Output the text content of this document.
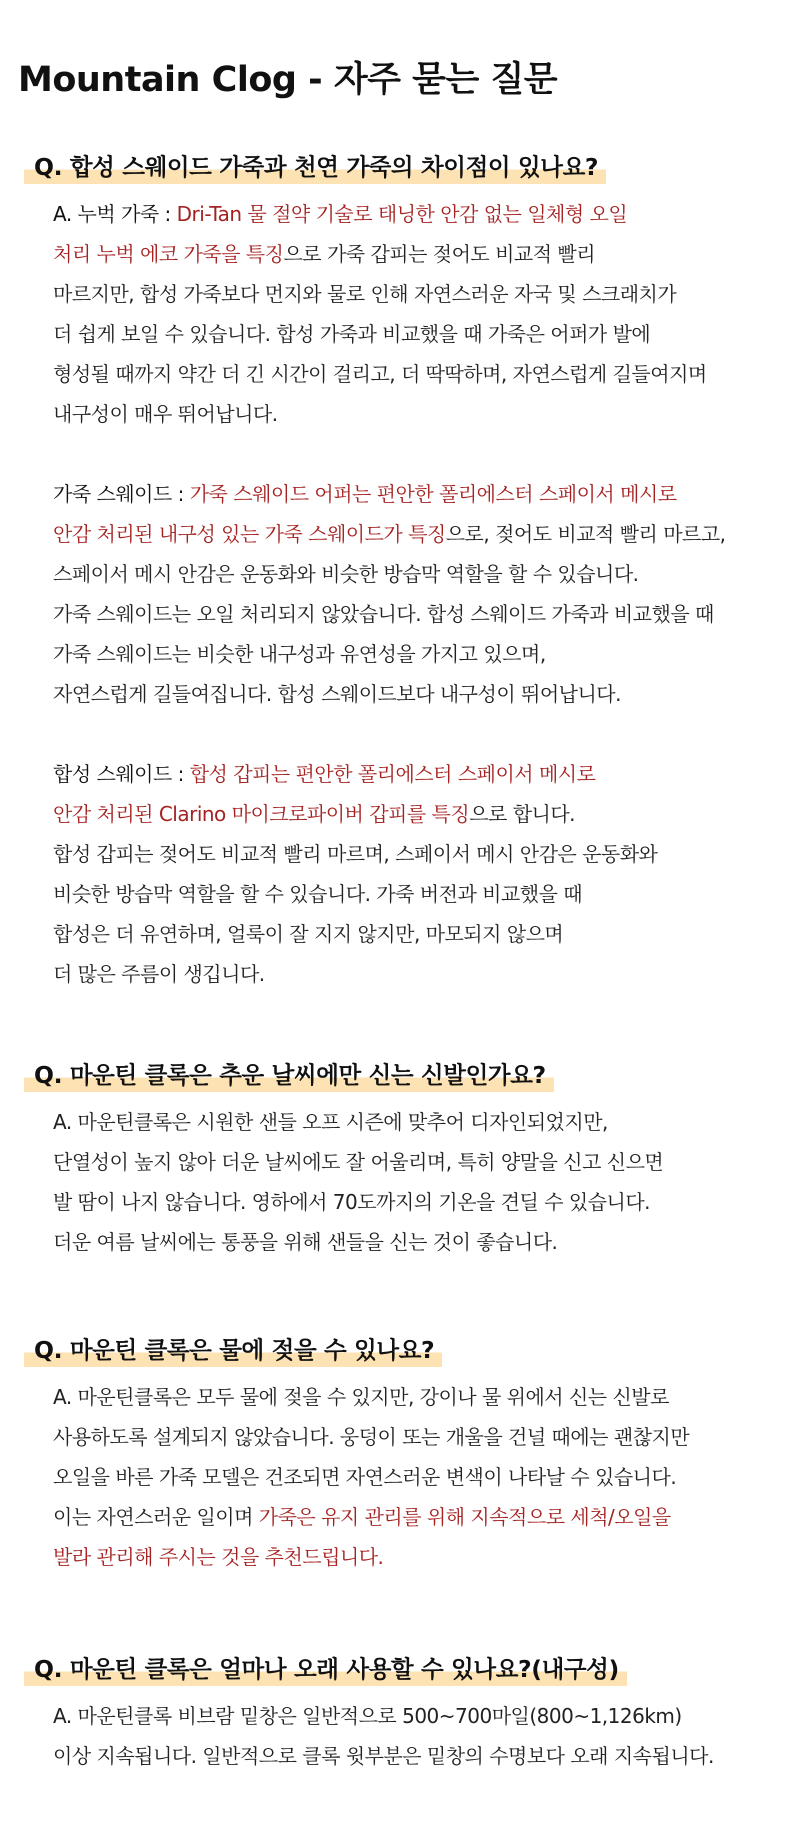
Mountain Clog - 자주 묻는 질문
Q. 합성 스웨이드 가죽과 천연 가죽의 차이점이 있나요?
A. 누벅 가죽 : Dri-Tan 물 절약 기술로 태닝한 안감 없는 일체형 오일
처리 누벅 에코 가죽을 특징으로 가죽 갑피는 젖어도 비교적 빨리
마르지만, 합성 가죽보다 먼지와 물로 인해 자연스러운 자국 및 스크래치가
더 쉽게 보일 수 있습니다. 합성 가죽과 비교했을 때 가죽은 어퍼가 발에
형성될 때까지 약간 더 긴 시간이 걸리고, 더 딱딱하며, 자연스럽게 길들여지며
내구성이 매우 뛰어납니다.
가죽 스웨이드 : 가죽 스웨이드 어퍼는 편안한 폴리에스터 스페이서 메시로
안감 처리된 내구성 있는 가죽 스웨이드가 특징으로, 젖어도 비교적 빨리 마르고,
스페이서 메시 안감은 운동화와 비슷한 방습막 역할을 할 수 있습니다.
가죽 스웨이드는 오일 처리되지 않았습니다. 합성 스웨이드 가죽과 비교했을 때
가죽 스웨이드는 비슷한 내구성과 유연성을 가지고 있으며,
자연스럽게 길들여집니다. 합성 스웨이드보다 내구성이 뛰어납니다.
합성 스웨이드 : 합성 갑피는 편안한 폴리에스터 스페이서 메시로
안감 처리된 Clarino 마이크로파이버 갑피를 특징으로 합니다.
합성 갑피는 젖어도 비교적 빨리 마르며, 스페이서 메시 안감은 운동화와
비슷한 방습막 역할을 할 수 있습니다. 가죽 버전과 비교했을 때
합성은 더 유연하며, 얼룩이 잘 지지 않지만, 마모되지 않으며
더 많은 주름이 생깁니다.
Q. 마운틴 클록은 추운 날씨에만 신는 신발인가요?
A. 마운틴클록은 시원한 샌들 오프 시즌에 맞추어 디자인되었지만,
단열성이 높지 않아 더운 날씨에도 잘 어울리며, 특히 양말을 신고 신으면
발 땀이 나지 않습니다. 영하에서 70도까지의 기온을 견딜 수 있습니다.
더운 여름 날씨에는 통풍을 위해 샌들을 신는 것이 좋습니다.
Q. 마운틴 클록은 물에 젖을 수 있나요?
A. 마운틴클록은 모두 물에 젖을 수 있지만, 강이나 물 위에서 신는 신발로
사용하도록 설계되지 않았습니다. 웅덩이 또는 개울을 건널 때에는 괜찮지만
오일을 바른 가죽 모델은 건조되면 자연스러운 변색이 나타날 수 있습니다.
이는 자연스러운 일이며 가죽은 유지 관리를 위해 지속적으로 세척/오일을
발라 관리해 주시는 것을 추천드립니다.
Q. 마운틴 클록은 얼마나 오래 사용할 수 있나요?(내구성)
A. 마운틴클록 비브람 밑창은 일반적으로 500~700마일(800~1,126km)
이상 지속됩니다. 일반적으로 클록 윗부분은 밑창의 수명보다 오래 지속됩니다.
